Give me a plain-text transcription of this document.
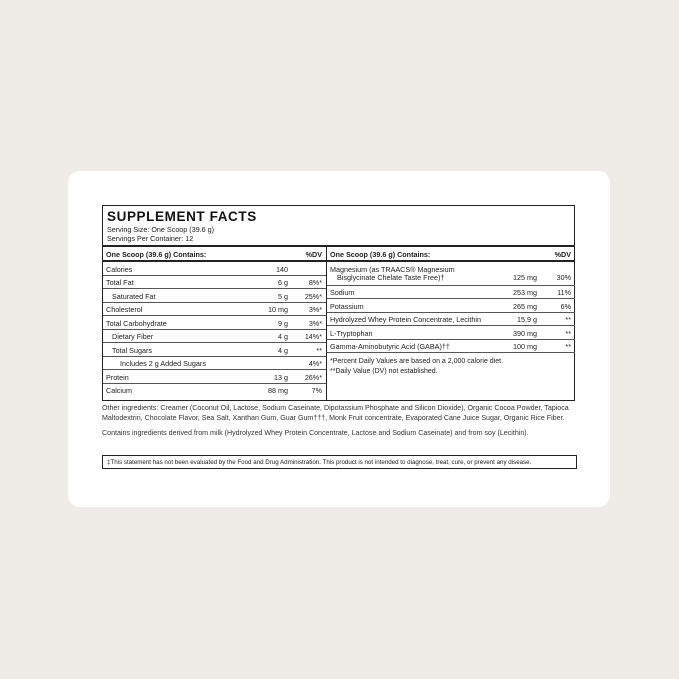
SUPPLEMENT FACTS
Serving Size: One Scoop (39.6 g)
Servings Per Container: 12
One Scoop (39.6 g) Contains:	%DV
Calories	140
Total Fat	6 g	8%*
Saturated Fat	5 g 25%*
Cholesterol	10 mg	3%*
Total Carbohydrate	9 g	3%*
Dietary Fiber	4 g 14%*
Total Sugars	4 g	**
Includes 2 g Added Sugars	4%*
Protein	13 g 26%*
Calcium	88 mg	7%
One Scoop (39.6 g) Contains:	%DV
Magnesium (as TRAACS® Magnesium
Bisglycinate Chelate Taste Free)†	125 mg	30%
Sodium	253 mg	11%
Potassium	265 mg	6%
Hydrolyzed Whey Protein Concentrate, Lecithin	15.9 g	**
L-Tryptophan	390 mg	**
Gamma-Aminobutyric Acid (GABA)††	100 mg	**
*Percent Daily Values are based on a 2,000 calorie diet.
**Daily Value (DV) not established.
Other ingredients: Creamer (Coconut Oil, Lactose, Sodium Caseinate, Dipotassium Phosphate and Silicon Dioxide), Organic Cocoa Powder, Tapioca Maltodextrin, Chocolate Flavor, Sea Salt, Xanthan Gum, Guar Gum†††, Monk Fruit concentrate, Evaporated Cane Juice Sugar, Organic Rice Fiber.
Contains ingredients derived from milk (Hydrolyzed Whey Protein Concentrate, Lactose and Sodium Caseinate) and from soy (Lecithin).
‡This statement has not been evaluated by the Food and Drug Administration. This product is not intended to diagnose, treat, cure, or prevent any disease.
